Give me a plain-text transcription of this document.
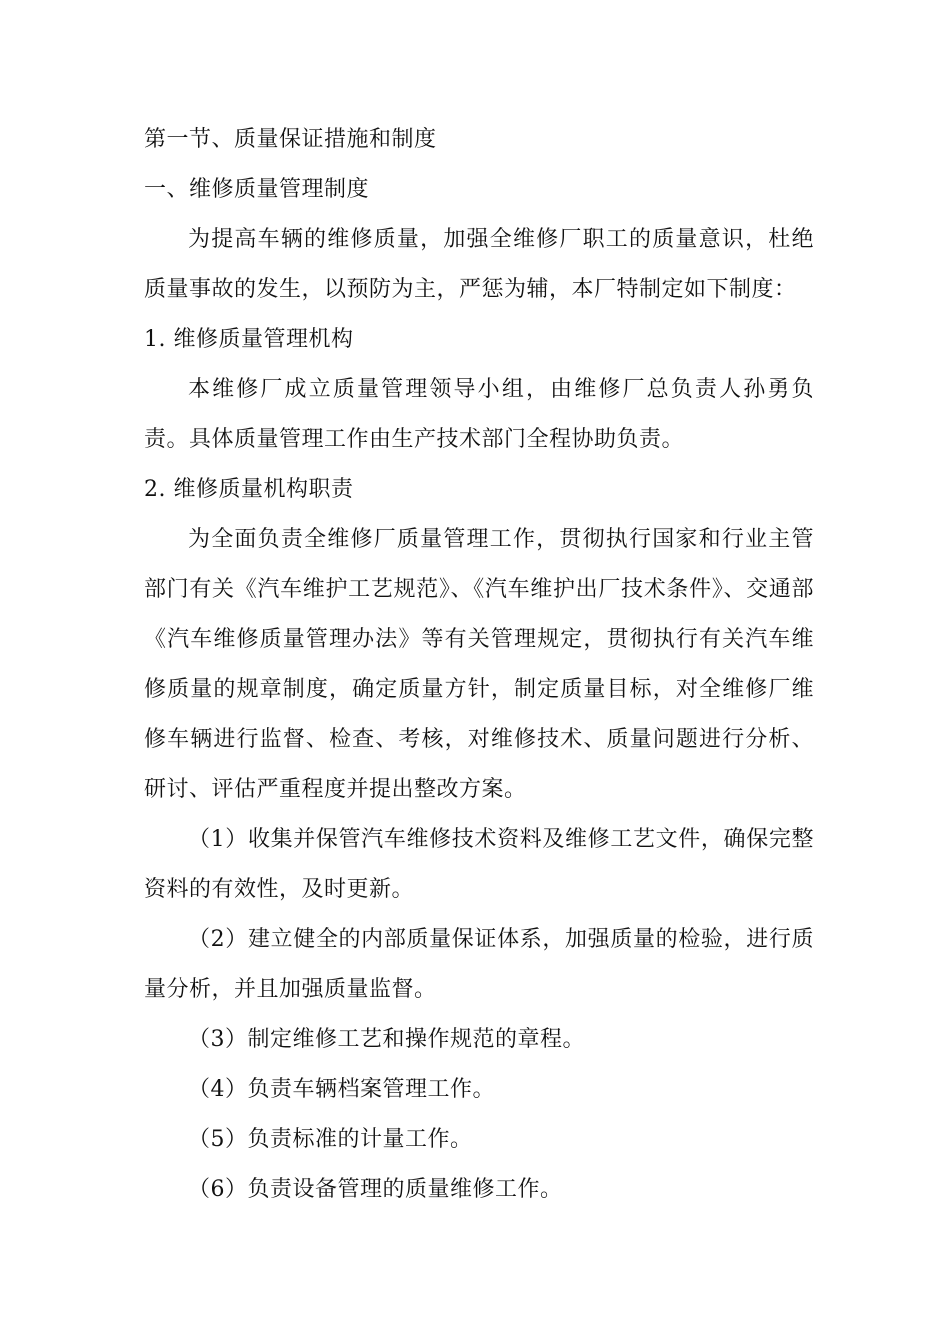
第一节、质量保证措施和制度

一、维修质量管理制度

为提高车辆的维修质量，加强全维修厂职工的质量意识，杜绝质量事故的发生，以预防为主，严惩为辅，本厂特制定如下制度：

1. 维修质量管理机构

本维修厂成立质量管理领导小组，由维修厂总负责人孙勇负责。具体质量管理工作由生产技术部门全程协助负责。

2. 维修质量机构职责

为全面负责全维修厂质量管理工作，贯彻执行国家和行业主管部门有关《汽车维护工艺规范》、《汽车维护出厂技术条件》、交通部《汽车维修质量管理办法》等有关管理规定，贯彻执行有关汽车维修质量的规章制度，确定质量方针，制定质量目标，对全维修厂维修车辆进行监督、检查、考核，对维修技术、质量问题进行分析、研讨、评估严重程度并提出整改方案。

（1）收集并保管汽车维修技术资料及维修工艺文件，确保完整资料的有效性，及时更新。

（2）建立健全的内部质量保证体系，加强质量的检验，进行质量分析，并且加强质量监督。

（3）制定维修工艺和操作规范的章程。

（4）负责车辆档案管理工作。

（5）负责标准的计量工作。

（6）负责设备管理的质量维修工作。
